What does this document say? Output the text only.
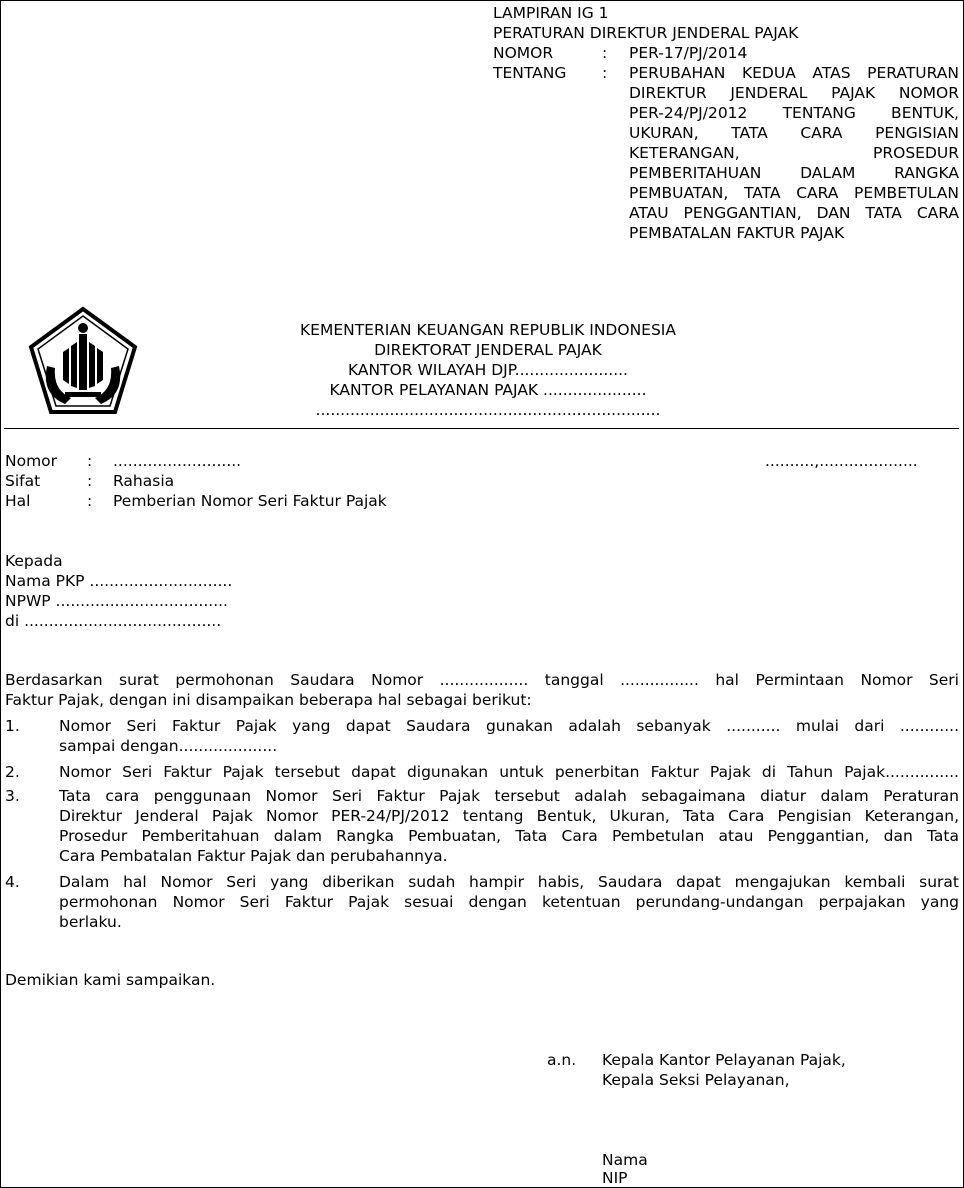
LAMPIRAN IG 1
PERATURAN DIREKTUR JENDERAL PAJAK
NOMOR	: PER-17/PJ/2014
TENTANG : PERUBAHAN KEDUA ATAS PERATURAN
DIREKTUR JENDERAL PAJAK NOMOR
PER-24/PJ/2012 TENTANG BENTUK,
UKURAN, TATA CARA PENGISIAN
KETERANGAN, PROSEDUR
PEMBERITAHUAN DALAM RANGKA
PEMBUATAN, TATA CARA PEMBETULAN
ATAU PENGGANTIAN, DAN TATA CARA
PEMBATALAN FAKTUR PAJAK
KEMENTERIAN KEUANGAN REPUBLIK INDONESIA
DIREKTORAT JENDERAL PAJAK
KANTOR WILAYAH DJP.......................
KANTOR PELAYANAN PAJAK .....................
......................................................................
Nomor : ..........................	..........,....................
Sifat	: Rahasia
Hal	: Pemberian Nomor Seri Faktur Pajak
Kepada
Nama PKP .............................
NPWP ...................................
di ........................................
Berdasarkan surat permohonan Saudara Nomor .................. tanggal ................ hal Permintaan Nomor Seri
Faktur Pajak, dengan ini disampaikan beberapa hal sebagai berikut:
1.	Nomor Seri Faktur Pajak yang dapat Saudara gunakan adalah sebanyak ........... mulai dari ............
sampai dengan....................
2.	Nomor Seri Faktur Pajak tersebut dapat digunakan untuk penerbitan Faktur Pajak di Tahun Pajak...............
3.	Tata cara penggunaan Nomor Seri Faktur Pajak tersebut adalah sebagaimana diatur dalam Peraturan
Direktur Jenderal Pajak Nomor PER-24/PJ/2012 tentang Bentuk, Ukuran, Tata Cara Pengisian Keterangan,
Prosedur Pemberitahuan dalam Rangka Pembuatan, Tata Cara Pembetulan atau Penggantian, dan Tata
Cara Pembatalan Faktur Pajak dan perubahannya.
4.	Dalam hal Nomor Seri yang diberikan sudah hampir habis, Saudara dapat mengajukan kembali surat
permohonan Nomor Seri Faktur Pajak sesuai dengan ketentuan perundang-undangan perpajakan yang
berlaku.
Demikian kami sampaikan.
a.n. Kepala Kantor Pelayanan Pajak,
Kepala Seksi Pelayanan,
Nama
NIP
